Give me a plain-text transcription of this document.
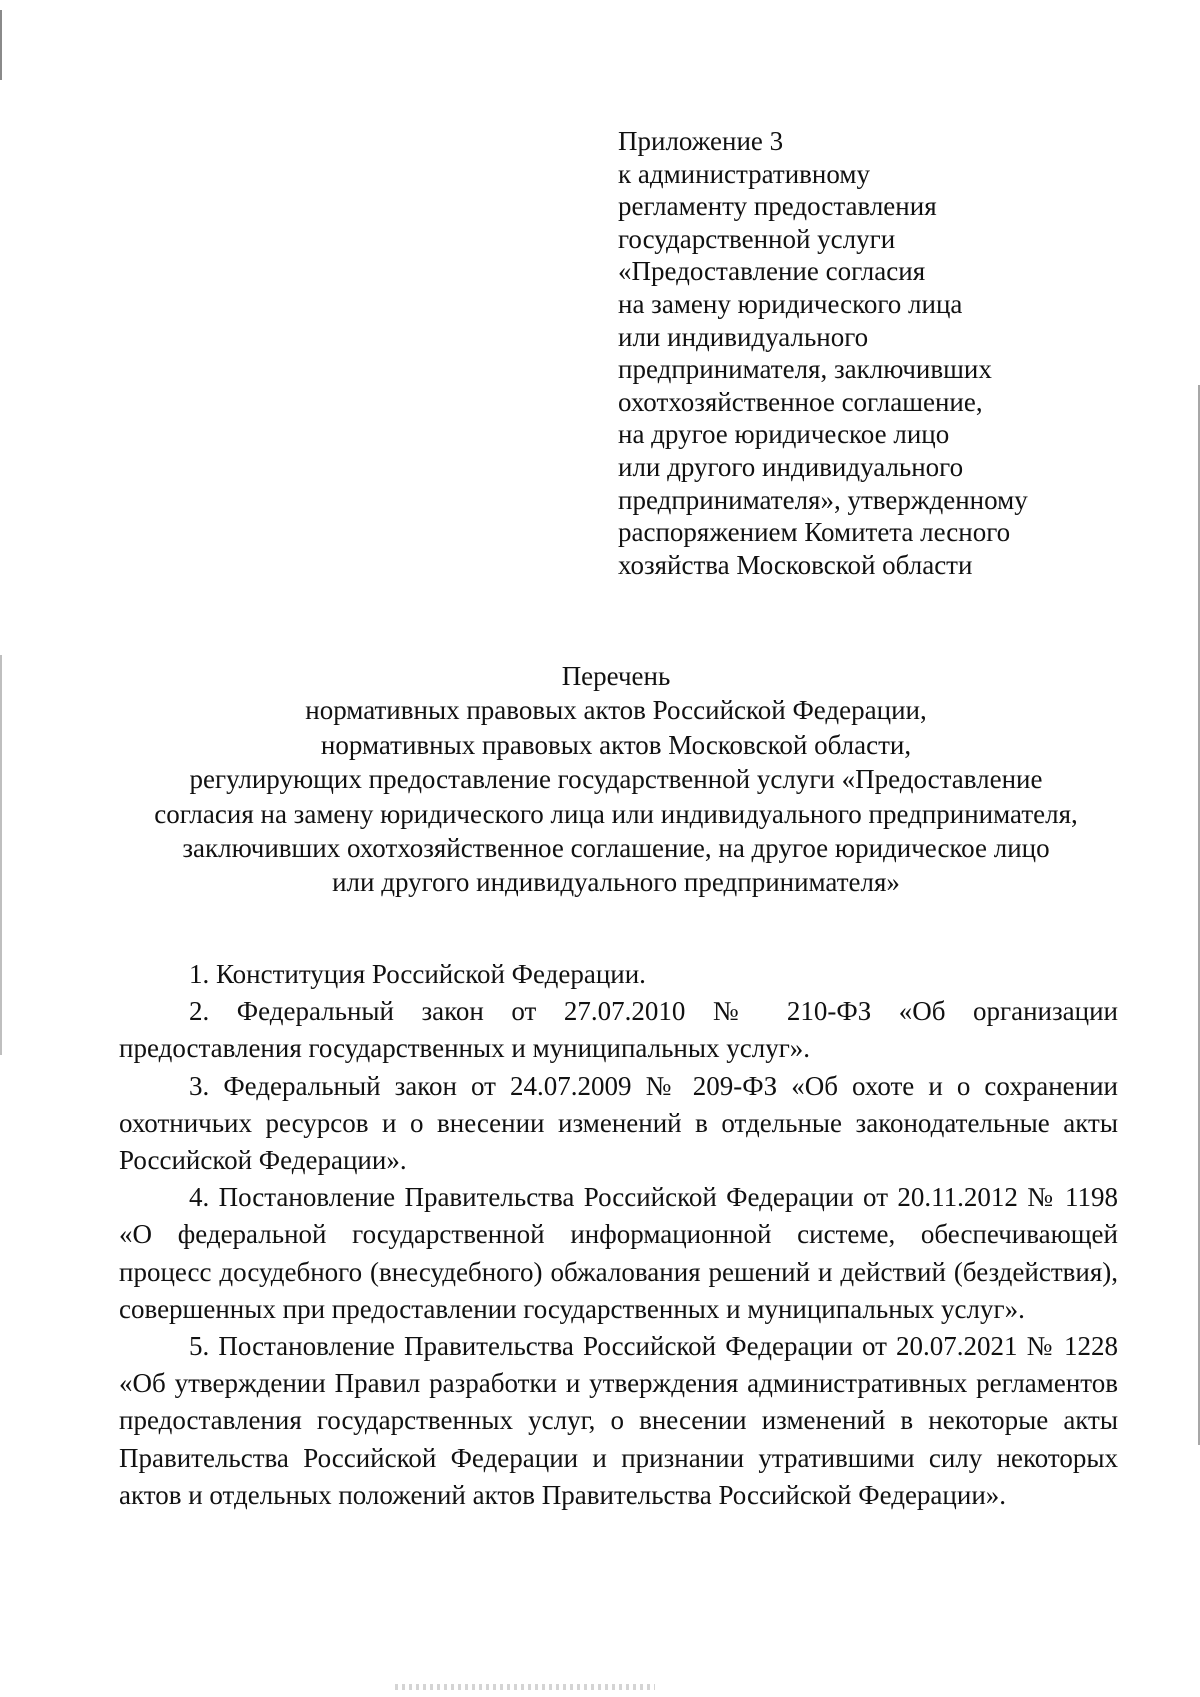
Приложение 3
к административному
регламенту предоставления
государственной услуги
«Предоставление согласия
на замену юридического лица
или индивидуального
предпринимателя, заключивших
охотхозяйственное соглашение,
на другое юридическое лицо
или другого индивидуального
предпринимателя», утвержденному
распоряжением Комитета лесного
хозяйства Московской области
Перечень
нормативных правовых актов Российской Федерации,
нормативных правовых актов Московской области,
регулирующих предоставление государственной услуги «Предоставление
согласия на замену юридического лица или индивидуального предпринимателя,
заключивших охотхозяйственное соглашение, на другое юридическое лицо
или другого индивидуального предпринимателя»

1. Конституция Российской Федерации.

2. Федеральный закон от 27.07.2010 № 210-ФЗ «Об организации предоставления государственных и муниципальных услуг».

3. Федеральный закон от 24.07.2009 № 209-ФЗ «Об охоте и о сохранении охотничьих ресурсов и о внесении изменений в отдельные законодательные акты Российской Федерации».

4. Постановление Правительства Российской Федерации от 20.11.2012 № 1198 «О федеральной государственной информационной системе, обеспечивающей процесс досудебного (внесудебного) обжалования решений и действий (бездействия), совершенных при предоставлении государственных и муниципальных услуг».

5. Постановление Правительства Российской Федерации от 20.07.2021 № 1228 «Об утверждении Правил разработки и утверждения административных регламентов предоставления государственных услуг, о внесении изменений в некоторые акты Правительства Российской Федерации и признании утратившими силу некоторых актов и отдельных положений актов Правительства Российской Федерации».
